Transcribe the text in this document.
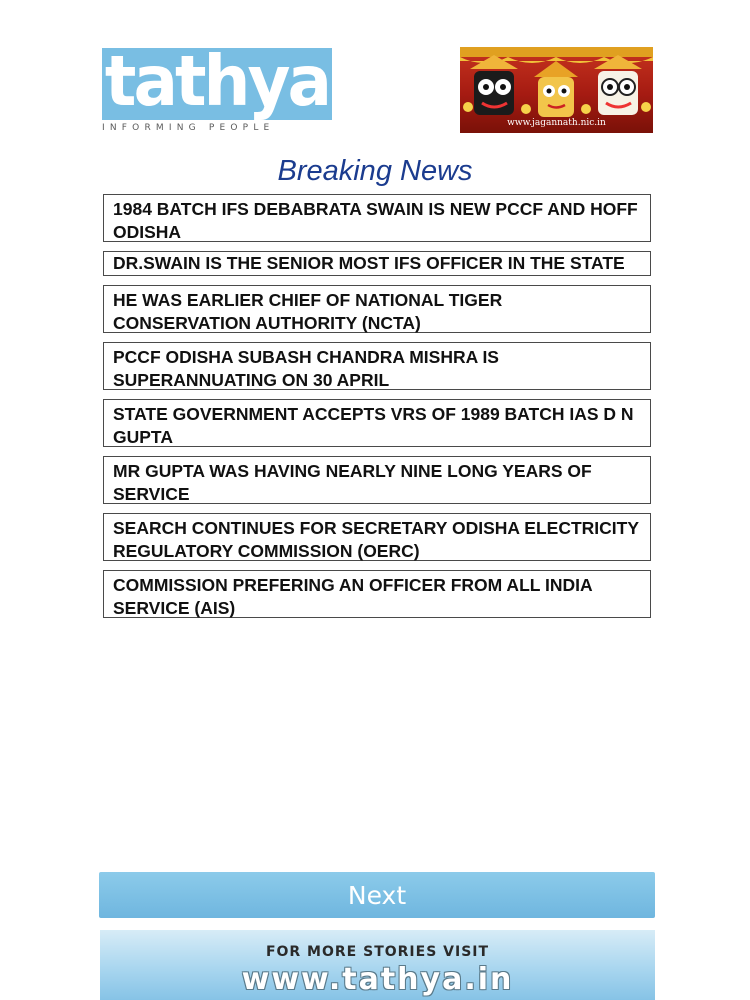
tathya
INFORMING PEOPLE	www.jagannath.nic.in
Breaking News
1984 BATCH IFS DEBABRATA SWAIN IS NEW PCCF AND HOFF ODISHA
DR.SWAIN IS THE SENIOR MOST IFS OFFICER IN THE STATE
HE WAS EARLIER CHIEF OF NATIONAL TIGER CONSERVATION AUTHORITY (NCTA)
PCCF ODISHA SUBASH CHANDRA MISHRA IS SUPERANNUATING ON 30 APRIL
STATE GOVERNMENT ACCEPTS VRS OF 1989 BATCH IAS D N GUPTA
MR GUPTA WAS HAVING NEARLY NINE LONG YEARS OF SERVICE
SEARCH CONTINUES FOR SECRETARY ODISHA ELECTRICITY REGULATORY COMMISSION (OERC)
COMMISSION PREFERING AN OFFICER FROM ALL INDIA SERVICE (AIS)
Next
FOR MORE STORIES VISIT
www.tathya.in
